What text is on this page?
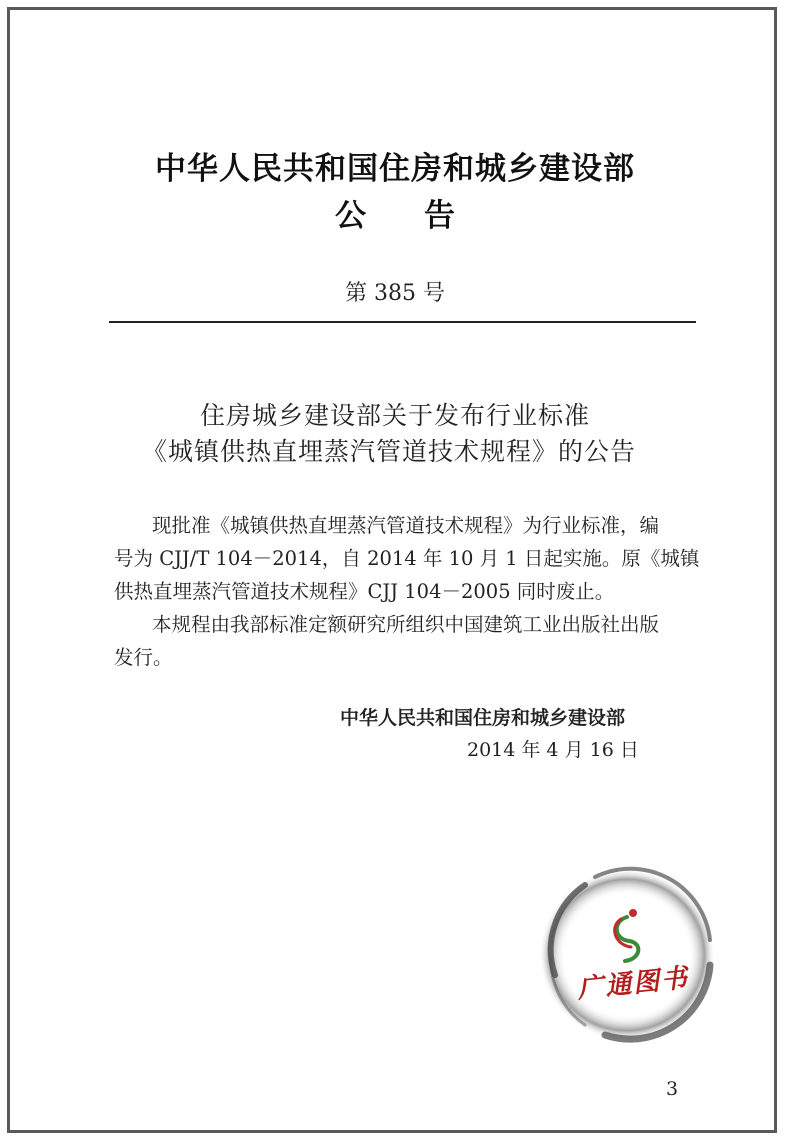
中华人民共和国住房和城乡建设部
公告
第 385 号
住房城乡建设部关于发布行业标准
《城镇供热直埋蒸汽管道技术规程》的公告
现批准《城镇供热直埋蒸汽管道技术规程》为行业标准，编
号为 CJJ/T 104－2014，自 2014 年 10 月 1 日起实施。原《城镇
供热直埋蒸汽管道技术规程》CJJ 104－2005 同时废止。
本规程由我部标准定额研究所组织中国建筑工业出版社出版
发行。
中华人民共和国住房和城乡建设部
2014 年 4 月 16 日
广通图书
3
